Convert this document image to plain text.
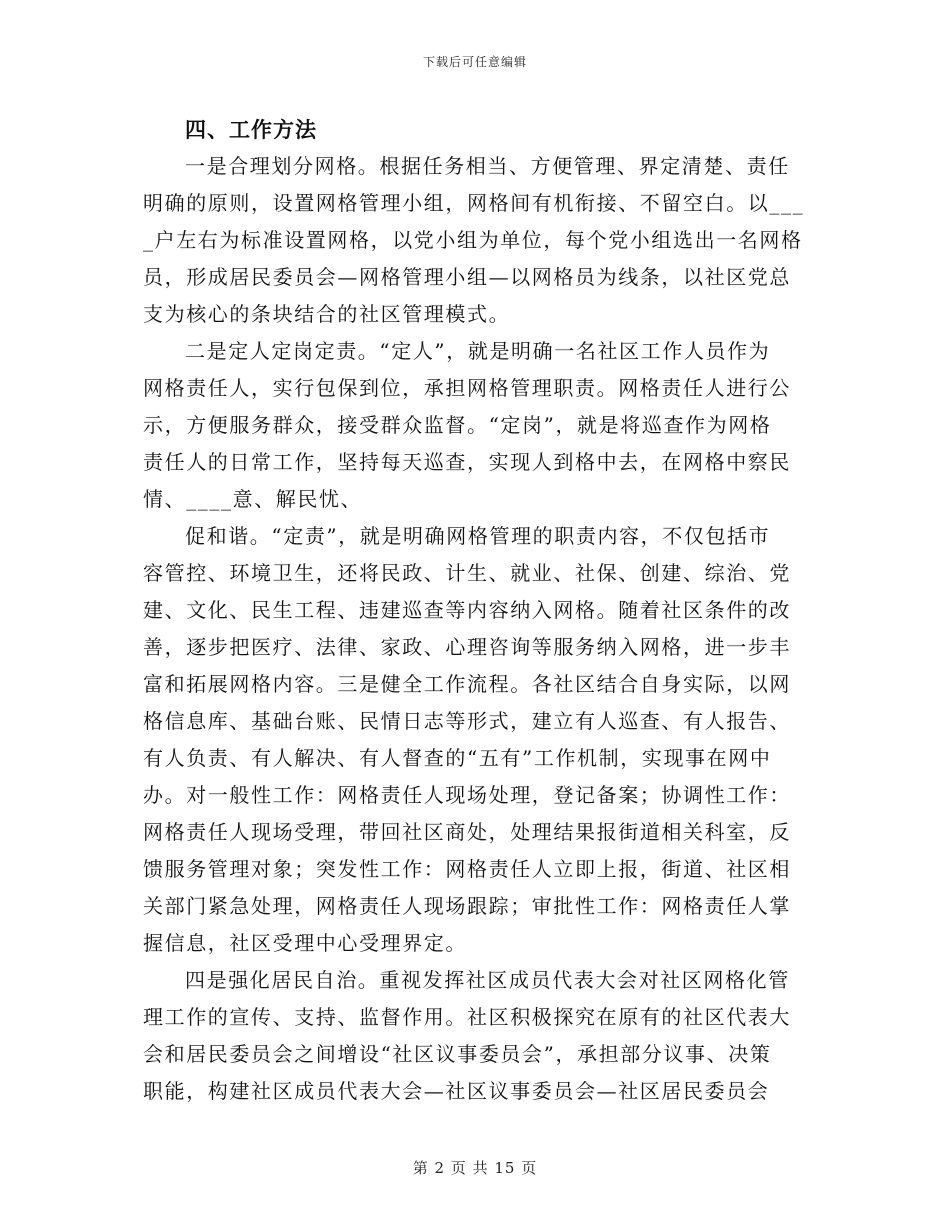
下载后可任意编辑
四、工作方法

一是合理划分网格。根据任务相当、方便管理、界定清楚、责任

明确的原则，设置网格管理小组，网格间有机衔接、不留空白。以___

_户左右为标准设置网格，以党小组为单位，每个党小组选出一名网格

员，形成居民委员会—网格管理小组—以网格员为线条，以社区党总

支为核心的条块结合的社区管理模式。

二是定人定岗定责。“定人”，就是明确一名社区工作人员作为

网格责任人，实行包保到位，承担网格管理职责。网格责任人进行公

示，方便服务群众，接受群众监督。“定岗”，就是将巡查作为网格

责任人的日常工作，坚持每天巡查，实现人到格中去，在网格中察民

情、____意、解民忧、

促和谐。“定责”，就是明确网格管理的职责内容，不仅包括市

容管控、环境卫生，还将民政、计生、就业、社保、创建、综治、党

建、文化、民生工程、违建巡查等内容纳入网格。随着社区条件的改

善，逐步把医疗、法律、家政、心理咨询等服务纳入网格，进一步丰

富和拓展网格内容。三是健全工作流程。各社区结合自身实际，以网

格信息库、基础台账、民情日志等形式，建立有人巡查、有人报告、

有人负责、有人解决、有人督查的“五有”工作机制，实现事在网中

办。对一般性工作：网格责任人现场处理，登记备案；协调性工作：

网格责任人现场受理，带回社区商处，处理结果报街道相关科室，反

馈服务管理对象；突发性工作：网格责任人立即上报，街道、社区相

关部门紧急处理，网格责任人现场跟踪；审批性工作：网格责任人掌

握信息，社区受理中心受理界定。

四是强化居民自治。重视发挥社区成员代表大会对社区网格化管

理工作的宣传、支持、监督作用。社区积极探究在原有的社区代表大

会和居民委员会之间增设“社区议事委员会”，承担部分议事、决策

职能，构建社区成员代表大会—社区议事委员会—社区居民委员会

第 2 页 共 15 页
